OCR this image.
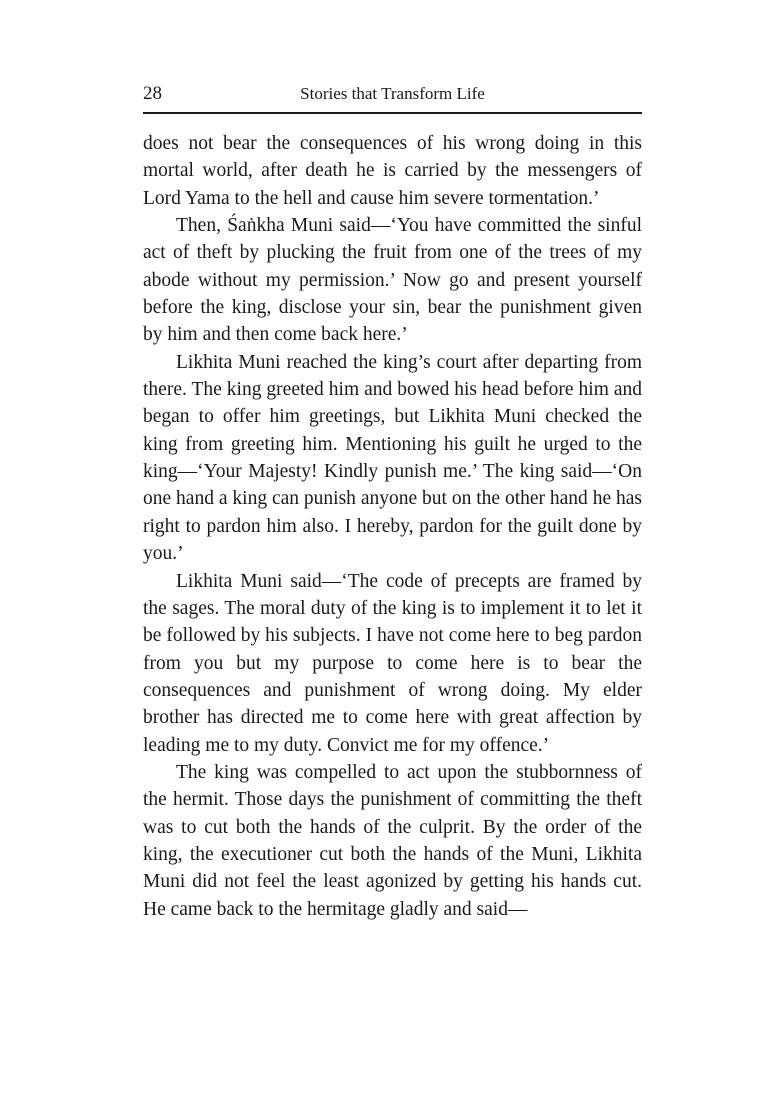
28	Stories that Transform Life

does not bear the consequences of his wrong doing in this mortal world, after death he is carried by the messengers of Lord Yama to the hell and cause him severe tormentation.’

Then, Śaṅkha Muni said—‘You have committed the sinful act of theft by plucking the fruit from one of the trees of my abode without my permission.’ Now go and present yourself before the king, disclose your sin, bear the punishment given by him and then come back here.’

Likhita Muni reached the king’s court after departing from there. The king greeted him and bowed his head before him and began to offer him greetings, but Likhita Muni checked the king from greeting him. Mentioning his guilt he urged to the king—‘Your Majesty! Kindly punish me.’ The king said—‘On one hand a king can punish anyone but on the other hand he has right to pardon him also. I hereby, pardon for the guilt done by you.’

Likhita Muni said—‘The code of precepts are framed by the sages. The moral duty of the king is to implement it to let it be followed by his subjects. I have not come here to beg pardon from you but my purpose to come here is to bear the consequences and punishment of wrong doing. My elder brother has directed me to come here with great affection by leading me to my duty. Convict me for my offence.’

The king was compelled to act upon the stubbornness of the hermit. Those days the punishment of committing the theft was to cut both the hands of the culprit. By the order of the king, the executioner cut both the hands of the Muni, Likhita Muni did not feel the least agonized by getting his hands cut. He came back to the hermitage gladly and said—
